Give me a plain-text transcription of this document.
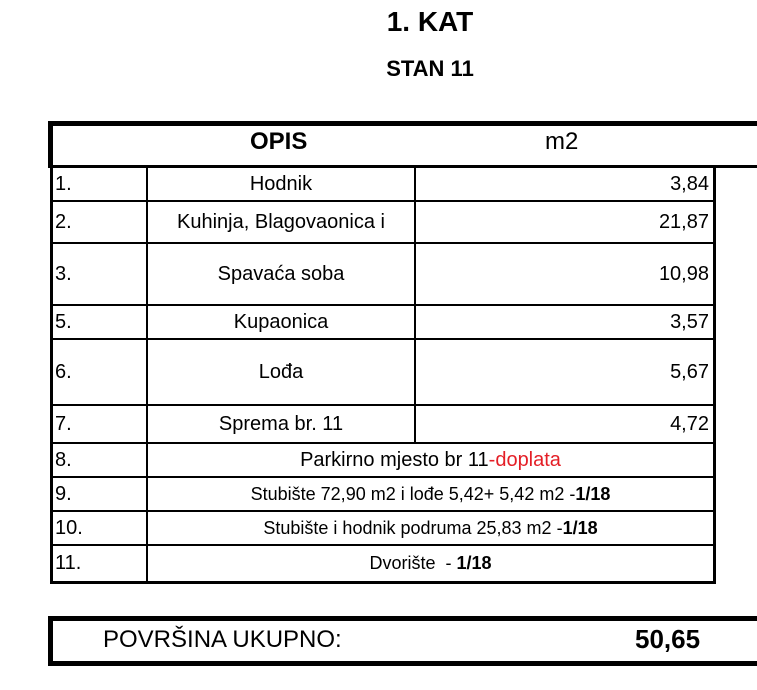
1. KAT
STAN 11
OPIS	m2
1.	Hodnik	3,84
2.	Kuhinja, Blagovaonica i	21,87
3.	Spavaća soba	10,98
5.	Kupaonica	3,57
6.	Lođa	5,67
7.	Sprema br. 11	4,72
8.	Parkirno mjesto br 11 -doplata
9.	Stubište 72,90 m2 i lođe 5,42+ 5,42 m2 - 1/18
10.	Stubište i hodnik podruma 25,83 m2 - 1/18
11.	Dvorište  - 1/18
POVRŠINA UKUPNO:	50,65
